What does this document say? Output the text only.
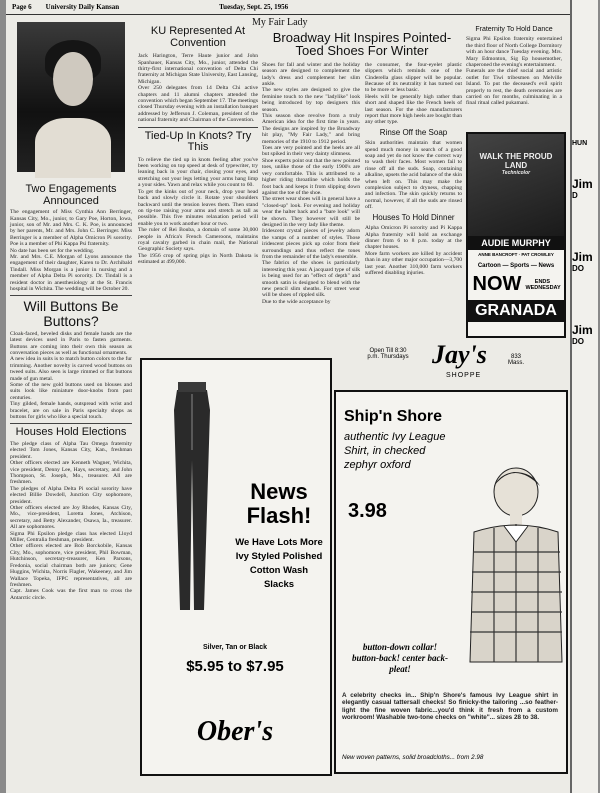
Page 6 University Daily Kansan	Tuesday, Sept. 25, 1956
Two Engagements Announced

The engagement of Miss Cynthia Ann Berringer, Kansas City, Mo., junior, to Gary Poe, Horton, Iowa, junior, son of Mr. and Mrs. C. K. Poe, is announced by her parents, Mr. and Mrs. John C. Berringer. Miss Berringer is a member of Alpha Omicron Pi sorority. Poe is a member of Phi Kappa Psi fraternity.
No date has been set for the wedding.
Mr. and Mrs. C.E. Morgan of Lyons announce the engagement of their daughter, Karen to Dr. Archibald Tindall. Miss Morgan is a junior in nursing and a member of Alpha Delta Pi sorority. Dr. Tindall is a resident doctor in anesthesiology at the St. Francis hospital in Wichita. The wedding will be October 20.

Will Buttons Be Buttons?

Cloak-faced, beveled disks and female hands are the latest devices used in Paris to fasten garments. Buttons are coming into their own this season as conversation pieces as well as functional ornaments.
A new idea in suits is to match button colors to the fur trimming. Another novelty is carved wood buttons on tweed suits. Also seen is large rimmed or flat buttons made of gun metal.
Some of the new gold buttons used on blouses and suits look like miniature door-knobs from past centuries.
Tiny gilded, female hands, outspread with wrist and bracelet, are on sale in Paris specialty shops as buttons for girls who like a special touch.

Houses Hold Elections

The pledge class of Alpha Tau Omega fraternity elected Tom Jones, Kansas City, Kan., freshman president.
Other officers elected are Kenneth Wagner, Wichita, vice president, Denny Lee, Hays, secretary, and John Thompson, St. Joseph, Mo., treasurer. All are freshmen.
The pledges of Alpha Delta Pi social sorority have elected Billie Dowdell, Junction City sophomore, president.
Other officers elected are Joy Rhodes, Kansas City, Mo., vice-president, Loretta Jones, Atchison, secretary, and Betty Alexander, Osawa, Ia., treasurer. All are sophomores.
Sigma Phi Epsilon pledge class has elected Lloyd Miller, Centralia freshman, president.
Other officers elected are Bob Borckobile, Kansas City, Mo., sophomore, vice president, Phil Bowman, Hutchinson, secretary-treasurer, Ken Parsons, Fredonia, social chairman both are juniors; Gene Huggins, Wichita, Norris Flagler, Wakeeney, and Jim Wallace Topeka, IFPC representatives, all are freshmen.
Capt. James Cook was the first man to cross the Antarctic circle.

KU Represented At Convention

Jack Harington, Terre Haute junior and John Spanhauer, Kansas City, Mo., junior, attended the thirty-first international convention of Delta Chi fraternity at Michigan State University, East Lansing, Michigan.
Over 250 delegates from 14 Delta Chi active chapters and 11 alumni chapters attended the convention which began September 17. The meetings closed Thursday evening with an installation banquet addressed by Jefferson J. Coleman, president of the national fraternity and Chairman of the Convention.

Tied-Up In Knots? Try This

To relieve the tied up in knots feeling after you've been working on top speed at desk of typewriter, try leaning back in your chair, closing your eyes, and stretching out your legs letting your arms hang limp a your sides. Yawn and relax while you count to 60.
To get the kinks out of your neck, drop your head back and slowly circle it. Rotate your shoulders backward until the tension leaves them. Then stand on tip-toe raising your arms and stretch as tall as possible. This five minutes relaxation period will enable you to work another hour or two.
The ruler of Rei Bouba, a domain of some 30,000 people in Africa's French Cameroons, maintains royal cavalry garbed in chain mail, the National Geographic Society says.
The 1956 crop of spring pigs in North Dakota is estimated at 499,000.

My Fair Lady
Broadway Hit Inspires Pointed-Toed Shoes For Winter

Shoes for fall and winter and the holiday season are designed to complement the lady's dress and complement her slim ankle.
The new styles are designed to give the feminine touch to the new "ladylike" look being introduced by top designers this season.
This season shoe revolve from a truly American idea for the first time in years. The designs are inspired by the Broadway hit play, "My Fair Lady," and bring memories of the 1910 to 1912 period.
Toes are very pointed and the heels are all but spiked in their very dainty slimness.
Shoe experts point out that the new pointed toes, unlike those of the early 1900's are very comfortable. This is attributed to a higher riding throatline which holds the foot back and keeps it from slipping down against the toe of the shoe.
The street wear shoes will in general have a "closed-up" look. For evening and holiday wear the halter back and a "bare look" will be shown. They however will still be designed in the very lady like theme.
Iridescent crystal pieces of jewelry adorn the vamps of a number of styles. Those iridescent pieces pick up color from their surroundings and thus reflect the tones from the remainder of the lady's ensemble.
The fabrics of the shoes is particularly interesting this year. A jacquard type of silk is being used for an "effect of depth" and smooth satin is designed to blend with the new pencil slim sheaths. For street wear will be shoes of rippled silk.
Due to the wide acceptance by

the consumer, the four-eyelet plastic slippers which reminds one of the Cinderella glass slipper will be popular. Because of its neutrality it has turned out to be more or less basic.
Heels will be generally high rather than short and shaped like the French heels of last season. For the shoe manufacturers report that more high heels are bought than any other type.

Rinse Off the Soap

Skin authorities maintain that women spend much money in search of a good soap and yet do not know the correct way to wash their faces. Most women fail to rinse off all the suds. Soap, containing alkaline, upsets the acid balance of the skin when left on. This may make the complexion subject to dryness, chapping and infection. The skin quickly returns to normal, however, if all the suds are rinsed off.

Houses To Hold Dinner

Alpha Omicron Pi sorority and Pi Kappa Alpha fraternity will hold an exchange dinner from 6 to 8 p.m. today at the chapter houses.
More farm workers are killed by accident than in any other major occupation—3,700 last year. Another 310,000 farm workers suffered disabling injuries.

Fraternity To Hold Dance

Sigma Phi Epsilon fraternity entertained the third floor of North College Dormitory with an hour dance Tuesday evening. Mrs. Mary Edmonton, Sig Ep housemother, chaperoned the evening's entertainment.
Funerals are the chief social and artistic outlet for Tiwi tribesmen on Melville Island. To put the deceased's evil spirit properly to rest, the death ceremonies are carried on for months, culminating in a final ritual called pukamani.

WALK THE PROUD LAND
Technicolor
AUDIE MURPHY
ANNE BANCROFT · PAT CROWLEY
Cartoon — Sports — News
NOW	ENDS WEDNESDAY
GRANADA
HUN
Jim
D
Jim
DO
Jim
DO
Open Till 8:30 p.m. Thursdays Jay's
SHOPPE
833 Mass.
News Flash!
We Have Lots More Ivy Styled Polished Cotton Wash Slacks
Silver, Tan or Black
$5.95 to $7.95
Ober's
Ship'n Shore
authentic Ivy League Shirt, in checked zephyr oxford
3.98
button-down collar! button-back! center back-pleat!

A celebrity checks in... Ship'n Shore's famous Ivy League shirt in elegantly casual tattersall checks! So finicky-the tailoring ...so feather-light the fine woven fabric...you'd think it fresh from a custom workroom! Washable two-tone checks on "white"... sizes 28 to 38.

New woven patterns, solid broadcloths... from 2.98
